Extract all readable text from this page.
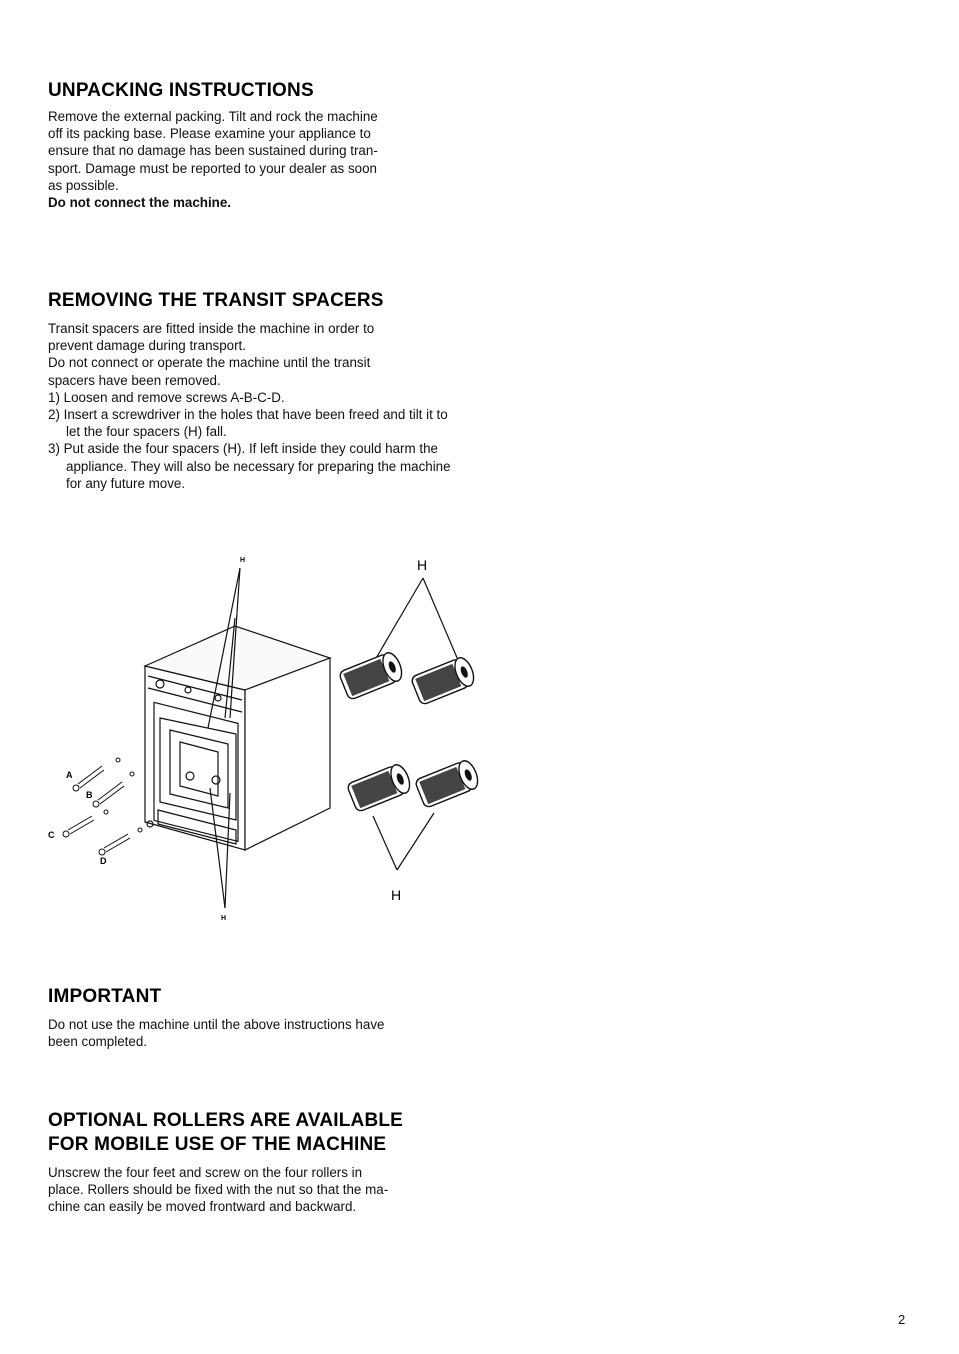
UNPACKING INSTRUCTIONS

Remove the external packing. Tilt and rock the machine

off its packing base. Please examine your appliance to

ensure that no damage has been sustained during tran-

sport. Damage must be reported to your dealer as soon

as possible.

Do not connect the machine.

REMOVING THE TRANSIT SPACERS

Transit spacers are fitted inside the machine in order to

prevent damage during transport.

Do not connect or operate the machine until the transit

spacers have been removed.

1) Loosen and remove screws A-B-C-D.
2) Insert a screwdriver in the holes that have been freed and tilt it to let the four spacers (H) fall.
3) Put aside the four spacers (H). If left inside they could harm the appliance. They will also be necessary for preparing the machine for any future move.
A
B
C
D
H
H
H
H
IMPORTANT

Do not use the machine until the above instructions have

been completed.

OPTIONAL ROLLERS ARE AVAILABLE
FOR MOBILE USE OF THE MACHINE

Unscrew the four feet and screw on the four rollers in

place. Rollers should be fixed with the nut so that the ma-

chine can easily be moved frontward and backward.

2
